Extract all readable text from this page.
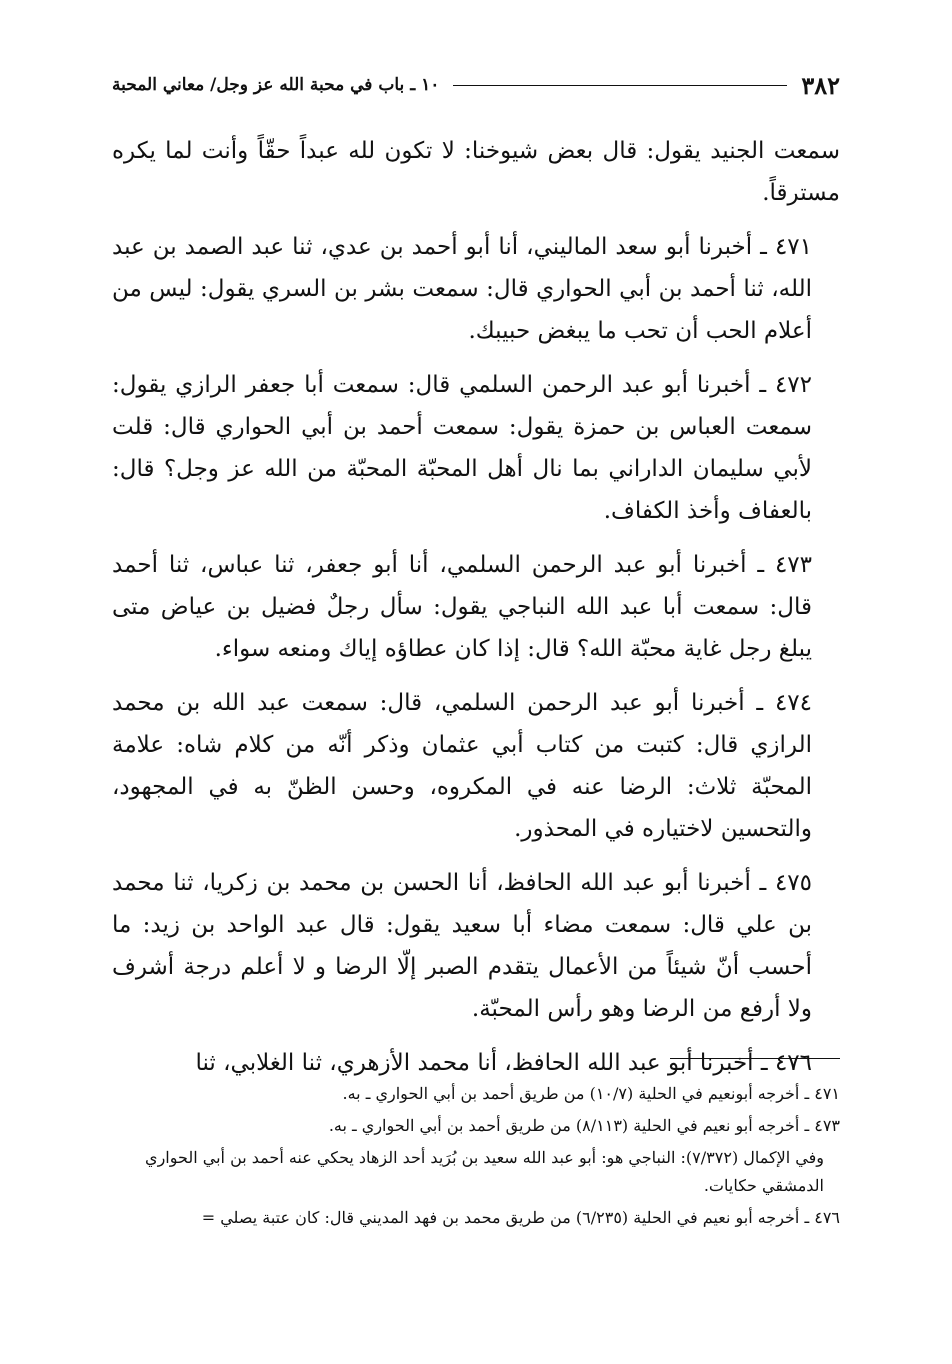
٣٨٢
١٠ ـ باب في محبة الله عز وجل/ معاني المحبة

سمعت الجنيد يقول: قال بعض شيوخنا: لا تكون لله عبداً حقّاً وأنت لما يكره مسترقاً.

٤٧١ ـ أخبرنا أبو سعد الماليني، أنا أبو أحمد بن عدي، ثنا عبد الصمد بن عبد الله، ثنا أحمد بن أبي الحواري قال: سمعت بشر بن السري يقول: ليس من أعلام الحب أن تحب ما يبغض حبيبك.

٤٧٢ ـ أخبرنا أبو عبد الرحمن السلمي قال: سمعت أبا جعفر الرازي يقول: سمعت العباس بن حمزة يقول: سمعت أحمد بن أبي الحواري قال: قلت لأبي سليمان الداراني بما نال أهل المحبّة المحبّة من الله عز وجل؟ قال: بالعفاف وأخذ الكفاف.

٤٧٣ ـ أخبرنا أبو عبد الرحمن السلمي، أنا أبو جعفر، ثنا عباس، ثنا أحمد قال: سمعت أبا عبد الله النباجي يقول: سأل رجلٌ فضيل بن عياض متى يبلغ رجل غاية محبّة الله؟ قال: إذا كان عطاؤه إياك ومنعه سواء.

٤٧٤ ـ أخبرنا أبو عبد الرحمن السلمي، قال: سمعت عبد الله بن محمد الرازي قال: كتبت من كتاب أبي عثمان وذكر أنّه من كلام شاه: علامة المحبّة ثلاث: الرضا عنه في المكروه، وحسن الظنّ به في المجهود، والتحسين لاختياره في المحذور.

٤٧٥ ـ أخبرنا أبو عبد الله الحافظ، أنا الحسن بن محمد بن زكريا، ثنا محمد بن علي قال: سمعت مضاء أبا سعيد يقول: قال عبد الواحد بن زيد: ما أحسب أنّ شيئاً من الأعمال يتقدم الصبر إلّا الرضا و لا أعلم درجة أشرف ولا أرفع من الرضا وهو رأس المحبّة.

٤٧٦ ـ أخبرنا أبو عبد الله الحافظ، أنا محمد الأزهري، ثنا الغلابي، ثنا

٤٧١ ـ أخرجه أبونعيم في الحلية (١٠/٧) من طريق أحمد بن أبي الحواري ـ به.

٤٧٣ ـ أخرجه أبو نعيم في الحلية (٨/١١٣) من طريق أحمد بن أبي الحواري ـ به.

وفي الإكمال (٧/٣٧٢): النباجي هو: أبو عبد الله سعيد بن بُرَيد أحد الزهاد يحكي عنه أحمد بن أبي الحواري الدمشقي حكايات.

٤٧٦ ـ أخرجه أبو نعيم في الحلية (٦/٢٣٥) من طريق محمد بن فهد المديني قال: كان عتبة يصلي =
